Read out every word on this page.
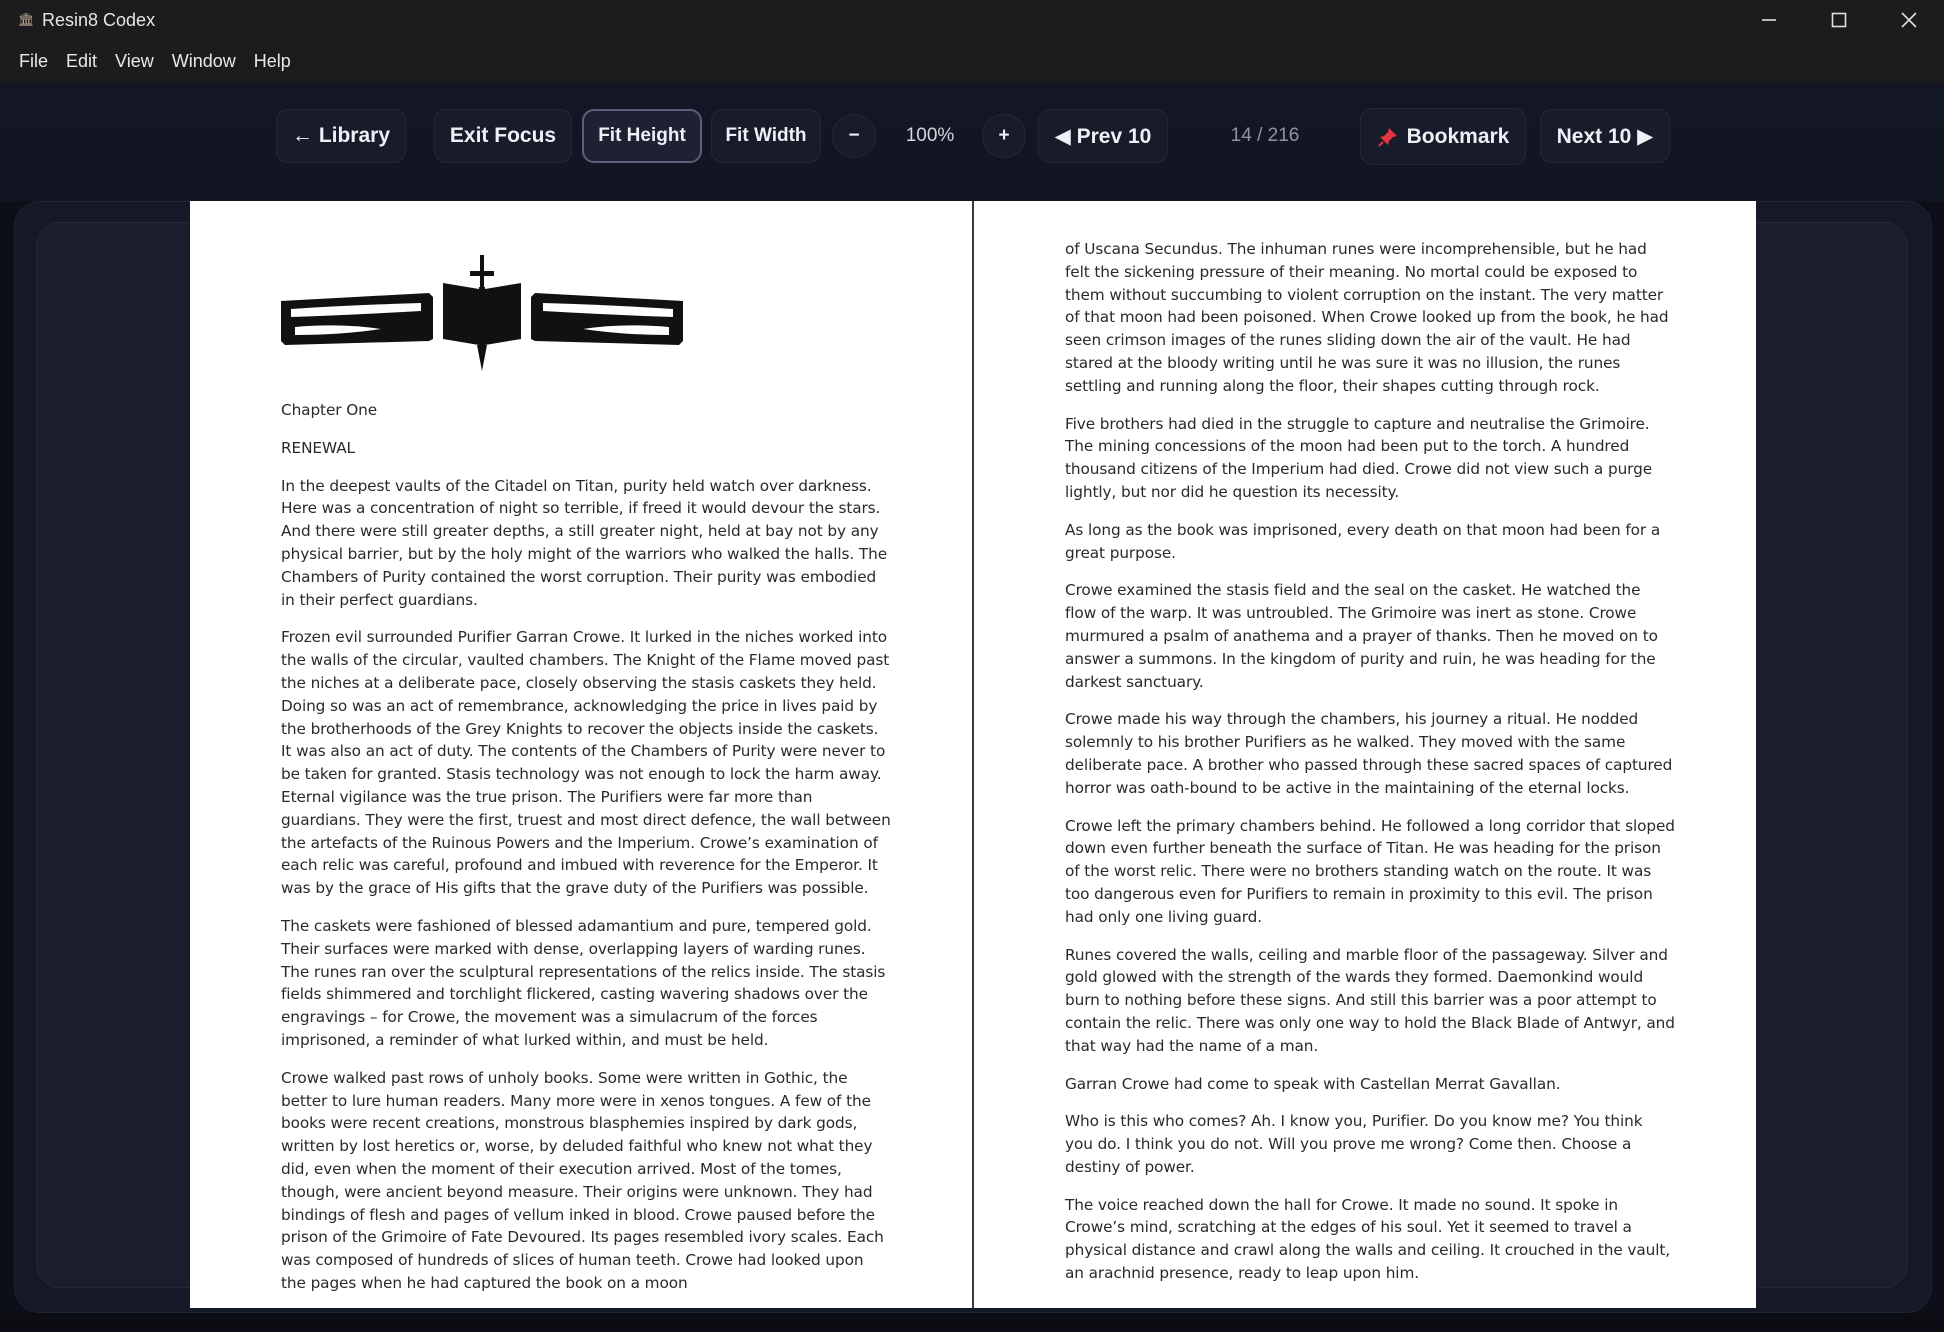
🏛 Resin8 Codex
File	Edit	View	Window	Help
← Library	Exit Focus Fit Height Fit Width −	100%	+ ◀ Prev 10	14 / 216	Bookmark Next 10 ▶

Chapter One

RENEWAL

In the deepest vaults of the Citadel on Titan, purity held watch over darkness. Here was a concentration of night so terrible, if freed it would devour the stars. And there were still greater depths, a still greater night, held at bay not by any physical barrier, but by the holy might of the warriors who walked the halls. The Chambers of Purity contained the worst corruption. Their purity was embodied in their perfect guardians.

Frozen evil surrounded Purifier Garran Crowe. It lurked in the niches worked into the walls of the circular, vaulted chambers. The Knight of the Flame moved past the niches at a deliberate pace, closely observing the stasis caskets they held. Doing so was an act of remembrance, acknowledging the price in lives paid by the brotherhoods of the Grey Knights to recover the objects inside the caskets. It was also an act of duty. The contents of the Chambers of Purity were never to be taken for granted. Stasis technology was not enough to lock the harm away. Eternal vigilance was the true prison. The Purifiers were far more than guardians. They were the first, truest and most direct defence, the wall between the artefacts of the Ruinous Powers and the Imperium. Crowe’s examination of each relic was careful, profound and imbued with reverence for the Emperor. It was by the grace of His gifts that the grave duty of the Purifiers was possible.

The caskets were fashioned of blessed adamantium and pure, tempered gold. Their surfaces were marked with dense, overlapping layers of warding runes. The runes ran over the sculptural representations of the relics inside. The stasis fields shimmered and torchlight flickered, casting wavering shadows over the engravings – for Crowe, the movement was a simulacrum of the forces imprisoned, a reminder of what lurked within, and must be held.

Crowe walked past rows of unholy books. Some were written in Gothic, the better to lure human readers. Many more were in xenos tongues. A few of the books were recent creations, monstrous blasphemies inspired by dark gods, written by lost heretics or, worse, by deluded faithful who knew not what they did, even when the moment of their execution arrived. Most of the tomes, though, were ancient beyond measure. Their origins were unknown. They had bindings of flesh and pages of vellum inked in blood. Crowe paused before the prison of the Grimoire of Fate Devoured. Its pages resembled ivory scales. Each was composed of hundreds of slices of human teeth. Crowe had looked upon the pages when he had captured the book on a moon

of Uscana Secundus. The inhuman runes were incomprehensible, but he had felt the sickening pressure of their meaning. No mortal could be exposed to them without succumbing to violent corruption on the instant. The very matter of that moon had been poisoned. When Crowe looked up from the book, he had seen crimson images of the runes sliding down the air of the vault. He had stared at the bloody writing until he was sure it was no illusion, the runes settling and running along the floor, their shapes cutting through rock.

Five brothers had died in the struggle to capture and neutralise the Grimoire. The mining concessions of the moon had been put to the torch. A hundred thousand citizens of the Imperium had died. Crowe did not view such a purge lightly, but nor did he question its necessity.

As long as the book was imprisoned, every death on that moon had been for a great purpose.

Crowe examined the stasis field and the seal on the casket. He watched the flow of the warp. It was untroubled. The Grimoire was inert as stone. Crowe murmured a psalm of anathema and a prayer of thanks. Then he moved on to answer a summons. In the kingdom of purity and ruin, he was heading for the darkest sanctuary.

Crowe made his way through the chambers, his journey a ritual. He nodded solemnly to his brother Purifiers as he walked. They moved with the same deliberate pace. A brother who passed through these sacred spaces of captured horror was oath-bound to be active in the maintaining of the eternal locks.

Crowe left the primary chambers behind. He followed a long corridor that sloped down even further beneath the surface of Titan. He was heading for the prison of the worst relic. There were no brothers standing watch on the route. It was too dangerous even for Purifiers to remain in proximity to this evil. The prison had only one living guard.

Runes covered the walls, ceiling and marble floor of the passageway. Silver and gold glowed with the strength of the wards they formed. Daemonkind would burn to nothing before these signs. And still this barrier was a poor attempt to contain the relic. There was only one way to hold the Black Blade of Antwyr, and that way had the name of a man.

Garran Crowe had come to speak with Castellan Merrat Gavallan.

Who is this who comes? Ah. I know you, Purifier. Do you know me? You think you do. I think you do not. Will you prove me wrong? Come then. Choose a destiny of power.

The voice reached down the hall for Crowe. It made no sound. It spoke in Crowe’s mind, scratching at the edges of his soul. Yet it seemed to travel a physical distance and crawl along the walls and ceiling. It crouched in the vault, an arachnid presence, ready to leap upon him.
